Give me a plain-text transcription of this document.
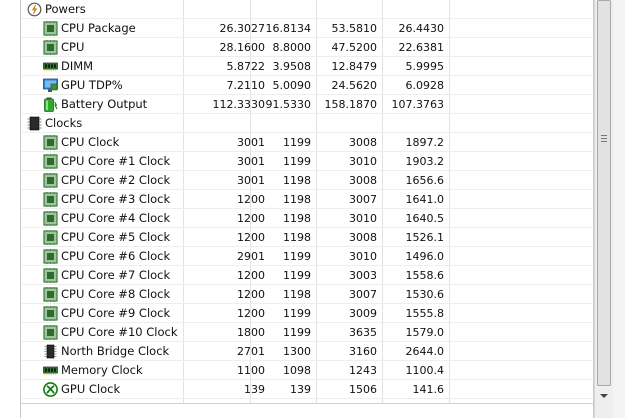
Powers
CPU Package	26.3027 16.8134	53.5810	26.4430
CPU	28.1600 8.8000	47.5200	22.6381
DIMM	5.8722 3.9508	12.8479	5.9995
GPU TDP%	7.2110 5.0090	24.5620	6.0928
Battery Output	112.3330 91.5330	158.1870	107.3763
Clocks
CPU Clock	3001	1199	3008	1897.2
CPU Core #1 Clock	3001	1199	3010	1903.2
CPU Core #2 Clock	3001	1198	3008	1656.6
CPU Core #3 Clock	1200	1198	3007	1641.0
CPU Core #4 Clock	1200	1198	3010	1640.5
CPU Core #5 Clock	1200	1198	3008	1526.1
CPU Core #6 Clock	2901	1199	3010	1496.0
CPU Core #7 Clock	1200	1199	3003	1558.6
CPU Core #8 Clock	1200	1198	3007	1530.6
CPU Core #9 Clock	1200	1199	3009	1555.8
CPU Core #10 Clock	1800	1199	3635	1579.0
North Bridge Clock	2701	1300	3160	2644.0
Memory Clock	1100	1098	1243	1100.4
GPU Clock	139	139	1506	141.6
